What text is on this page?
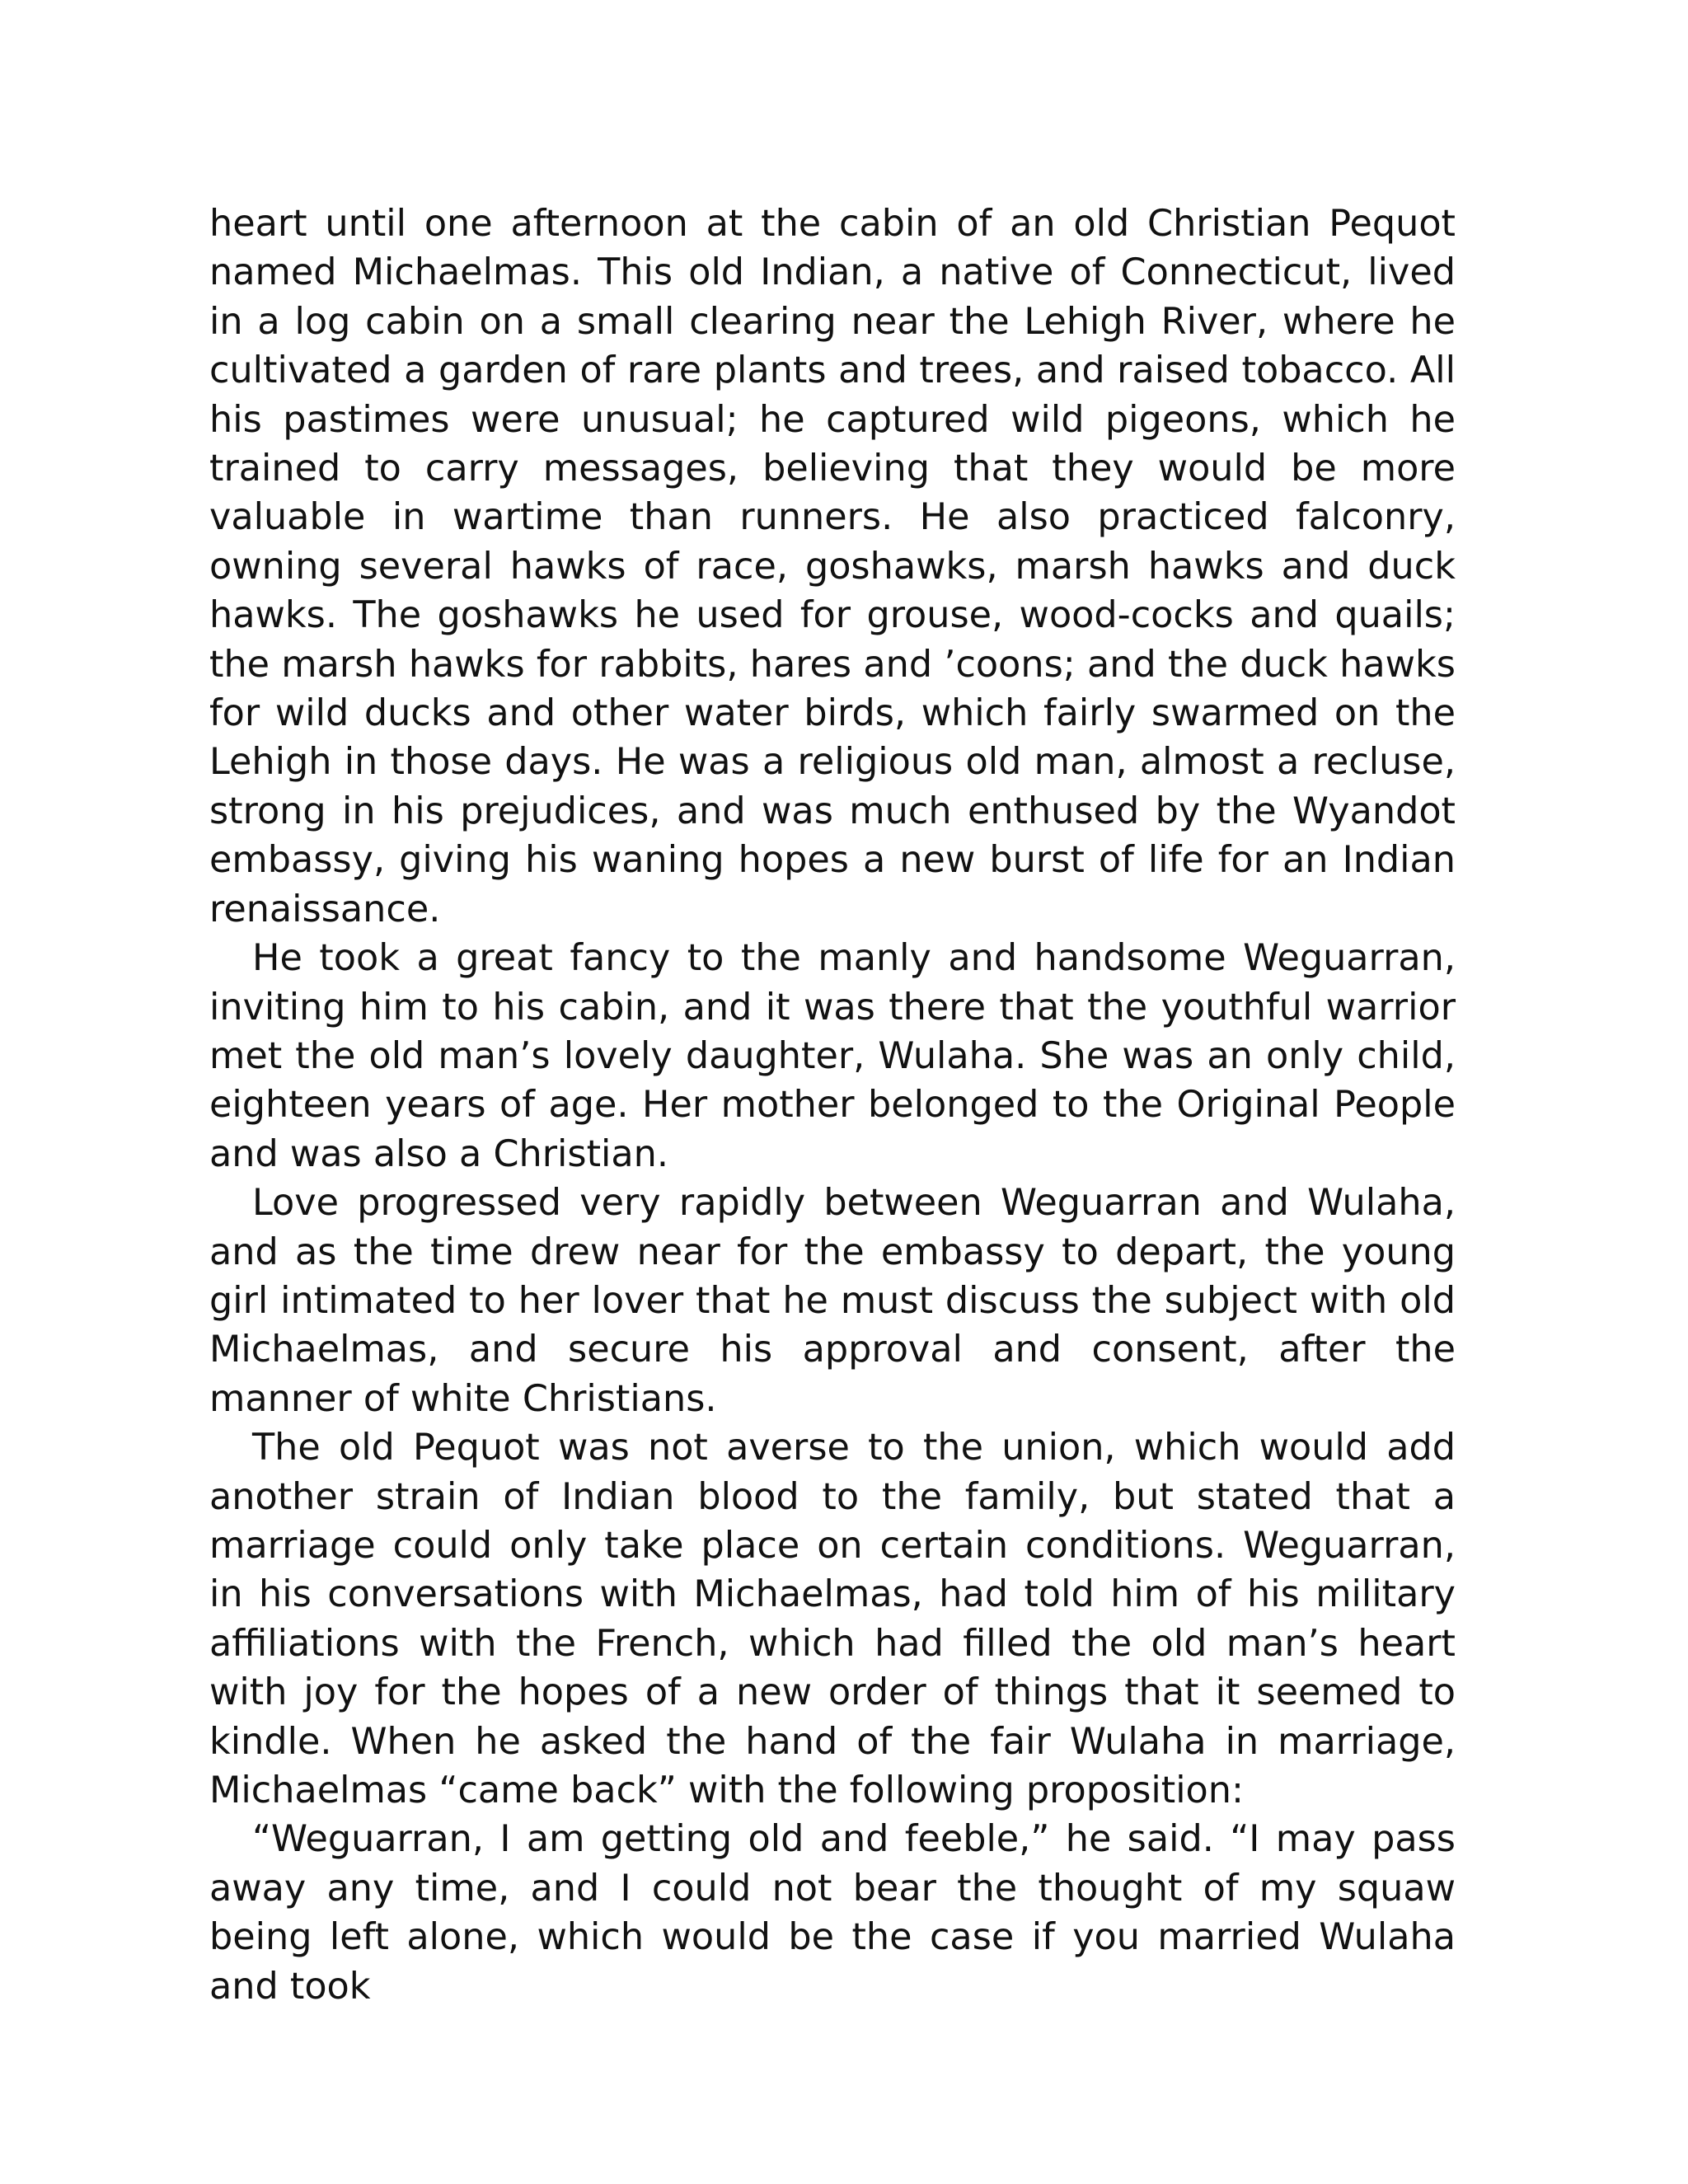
heart until one afternoon at the cabin of an old Christian Pequot named Michaelmas. This old Indian, a native of Connecticut, lived in a log cabin on a small clearing near the Lehigh River, where he cultivated a garden of rare plants and trees, and raised tobacco. All his pastimes were unusual; he captured wild pigeons, which he trained to carry messages, believing that they would be more valuable in wartime than runners. He also practiced falconry, owning several hawks of race, goshawks, marsh hawks and duck hawks. The goshawks he used for grouse, wood-cocks and quails; the marsh hawks for rabbits, hares and ’coons; and the duck hawks for wild ducks and other water birds, which fairly swarmed on the Lehigh in those days. He was a religious old man, almost a recluse, strong in his prejudices, and was much enthused by the Wyandot embassy, giving his waning hopes a new burst of life for an Indian renaissance.

He took a great fancy to the manly and handsome Weguarran, inviting him to his cabin, and it was there that the youthful warrior met the old man’s lovely daughter, Wulaha. She was an only child, eighteen years of age. Her mother belonged to the Original People and was also a Christian.

Love progressed very rapidly between Weguarran and Wulaha, and as the time drew near for the embassy to depart, the young girl intimated to her lover that he must discuss the subject with old Michaelmas, and secure his approval and consent, after the manner of white Christians.

The old Pequot was not averse to the union, which would add another strain of Indian blood to the family, but stated that a marriage could only take place on certain conditions. Weguarran, in his conversations with Michaelmas, had told him of his military affiliations with the French, which had filled the old man’s heart with joy for the hopes of a new order of things that it seemed to kindle. When he asked the hand of the fair Wulaha in marriage, Michaelmas “came back” with the following proposition:

“Weguarran, I am getting old and feeble,” he said. “I may pass away any time, and I could not bear the thought of my squaw being left alone, which would be the case if you married Wulaha and took
